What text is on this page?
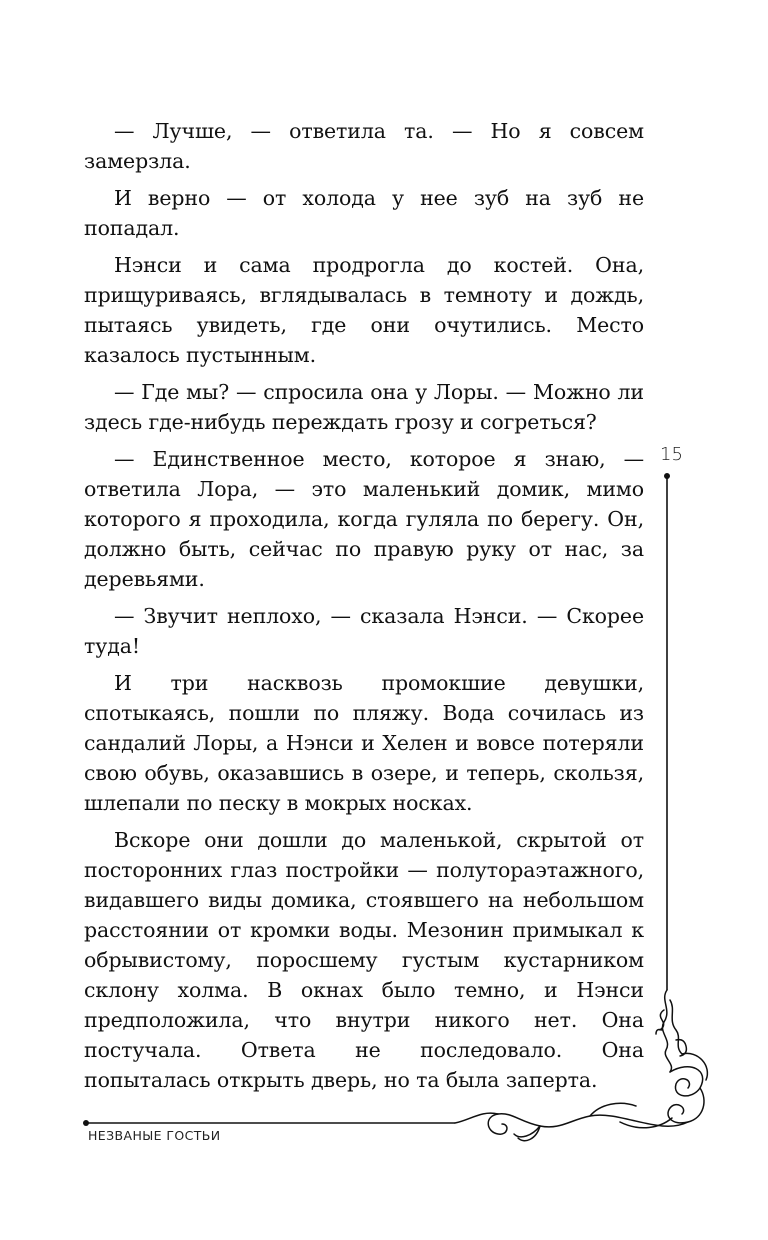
— Лучше, — ответила та. — Но я совсем замерзла.

И верно — от холода у нее зуб на зуб не попадал.

Нэнси и сама продрогла до костей. Она, прищуриваясь, вглядывалась в темноту и дождь, пытаясь увидеть, где они очутились. Место казалось пустынным.

— Где мы? — спросила она у Лоры. — Можно ли здесь где-нибудь переждать грозу и согреться?

— Единственное место, которое я знаю, — ответила Лора, — это маленький домик, мимо которого я проходила, когда гуляла по берегу. Он, должно быть, сейчас по правую руку от нас, за деревьями.

— Звучит неплохо, — сказала Нэнси. — Скорее туда!

И три насквозь промокшие девушки, спотыкаясь, пошли по пляжу. Вода сочилась из сандалий Лоры, а Нэнси и Хелен и вовсе потеряли свою обувь, оказавшись в озере, и теперь, скользя, шлепали по песку в мокрых носках.

Вскоре они дошли до маленькой, скрытой от посторонних глаз постройки — полутораэтажного, видавшего виды домика, стоявшего на небольшом расстоянии от кромки воды. Мезонин примыкал к обрывистому, поросшему густым кустарником склону холма. В окнах было темно, и Нэнси предположила, что внутри никого нет. Она постучала. Ответа не последовало. Она попыталась открыть дверь, но та была заперта.

15
НЕЗВАНЫЕ ГОСТЬИ
